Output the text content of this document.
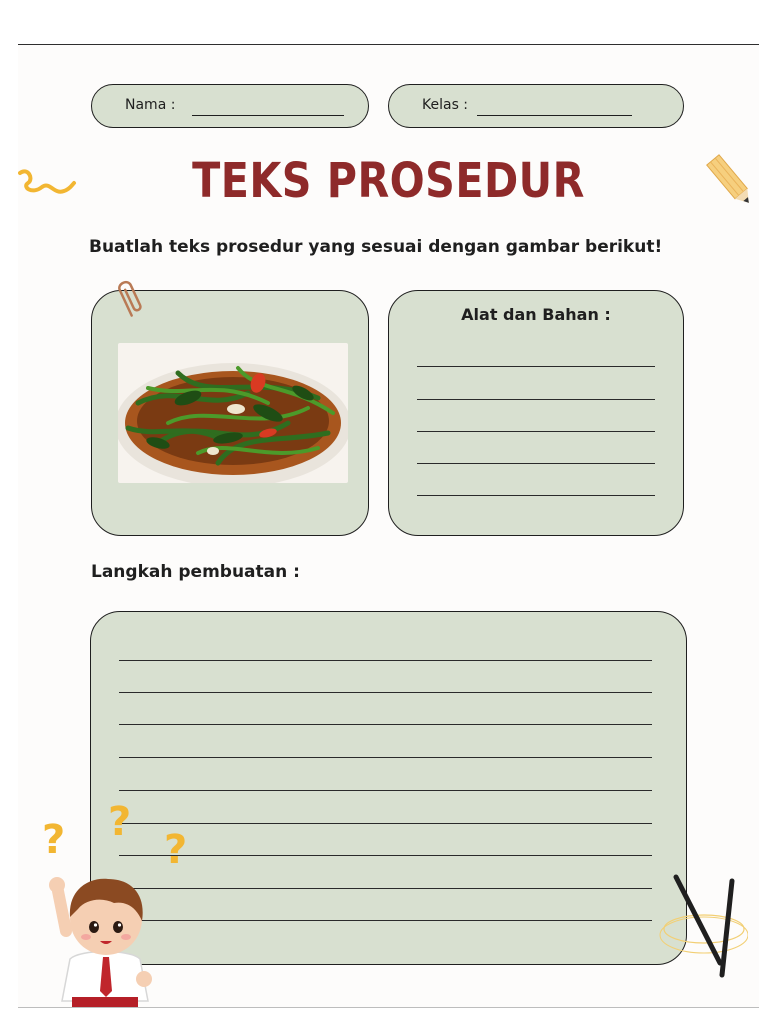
Nama :	Kelas :
TEKS PROSEDUR
Buatlah teks prosedur yang sesuai dengan gambar berikut!
Alat dan Bahan :
Langkah pembuatan :
? ?
?
